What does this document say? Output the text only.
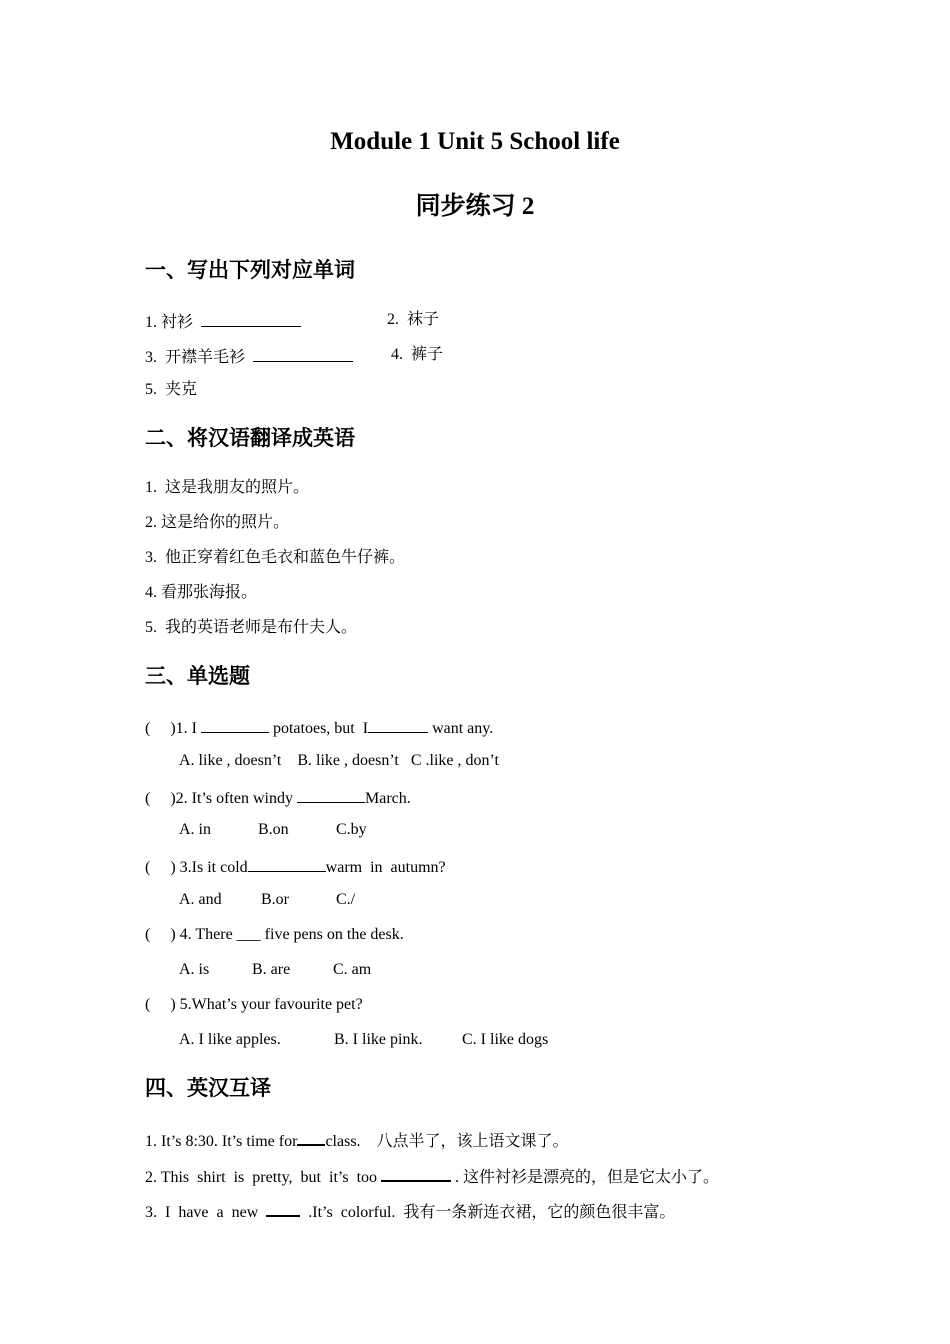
Module 1 Unit 5 School life
同步练习 2
一、写出下列对应单词
1. 衬衫	2.  袜子
3.  开襟羊毛衫	4.  裤子
5.  夹克
二、将汉语翻译成英语
1.  这是我朋友的照片。
2. 这是给你的照片。
3.  他正穿着红色毛衣和蓝色牛仔裤。
4. 看那张海报。
5.  我的英语老师是布什夫人。
三、单选题
(     )1. I	potatoes, but  I	want any.
A. like , doesn’t    B. like , doesn’t   C .like , don’t
(     )2. It’s often windy	March.
A. in	B.on	C.by
(     ) 3.Is it cold	warm  in  autumn?
A. and B.or	C./
(     ) 4. There ___ five pens on the desk.
A. is	B. are	C. am
(     ) 5.What’s your favourite pet?
A. I like apples.	B. I like pink. C. I like dogs
四、英汉互译
1. It’s 8:30. It’s time for class.    八点半了，该上语文课了。
2. This  shirt  is  pretty,  but  it’s  too	. 这件衬衫是漂亮的，但是它太小了。
3.  I  have  a  new	.It’s  colorful.  我有一条新连衣裙，它的颜色很丰富。
